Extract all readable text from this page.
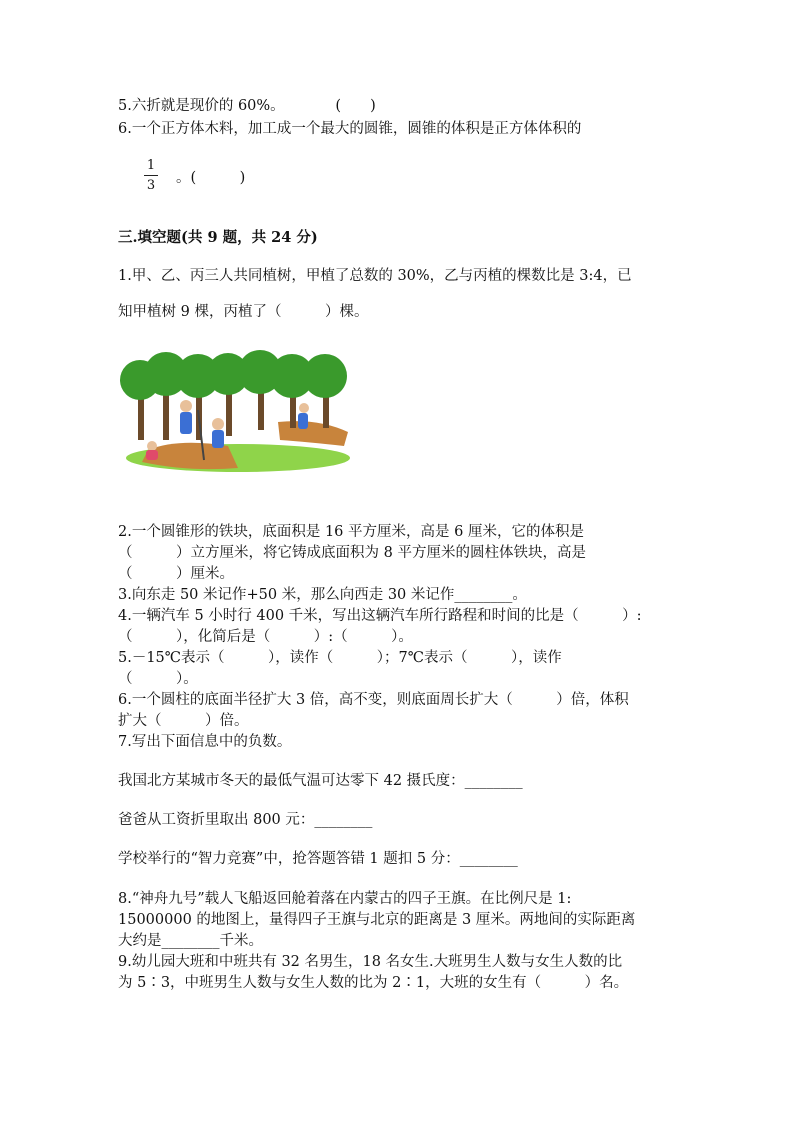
5.六折就是现价的 60%。　　　　(　　)
6.一个正方体木料，加工成一个最大的圆锥，圆锥的体积是正方体体积的
1
3 。(　　　)
三.填空题(共 9 题，共 24 分)
1.甲、乙、丙三人共同植树，甲植了总数的 30%，乙与丙植的棵数比是 3:4，已
知甲植树 9 棵，丙植了（　　　）棵。
2.一个圆锥形的铁块，底面积是 16 平方厘米，高是 6 厘米，它的体积是
（　　　）立方厘米，将它铸成底面积为 8 平方厘米的圆柱体铁块，高是
（　　　）厘米。
3.向东走 50 米记作+50 米，那么向西走 30 米记作________。
4.一辆汽车 5 小时行 400 千米，写出这辆汽车所行路程和时间的比是（　　　）:
（　　　），化简后是（　　　）:（　　　）。
5.－15℃表示（　　　），读作（　　　）；7℃表示（　　　），读作
（　　　）。
6.一个圆柱的底面半径扩大 3 倍，高不变，则底面周长扩大（　　　）倍，体积
扩大（　　　）倍。
7.写出下面信息中的负数。
我国北方某城市冬天的最低气温可达零下 42 摄氏度：________
爸爸从工资折里取出 800 元：________
学校举行的“智力竞赛”中，抢答题答错 1 题扣 5 分：________
8.“神舟九号”载人飞船返回舱着落在内蒙古的四子王旗。在比例尺是 1:
15000000 的地图上，量得四子王旗与北京的距离是 3 厘米。两地间的实际距离
大约是________千米。
9.幼儿园大班和中班共有 32 名男生，18 名女生.大班男生人数与女生人数的比
为 5∶3，中班男生人数与女生人数的比为 2∶1，大班的女生有（　　　）名。
